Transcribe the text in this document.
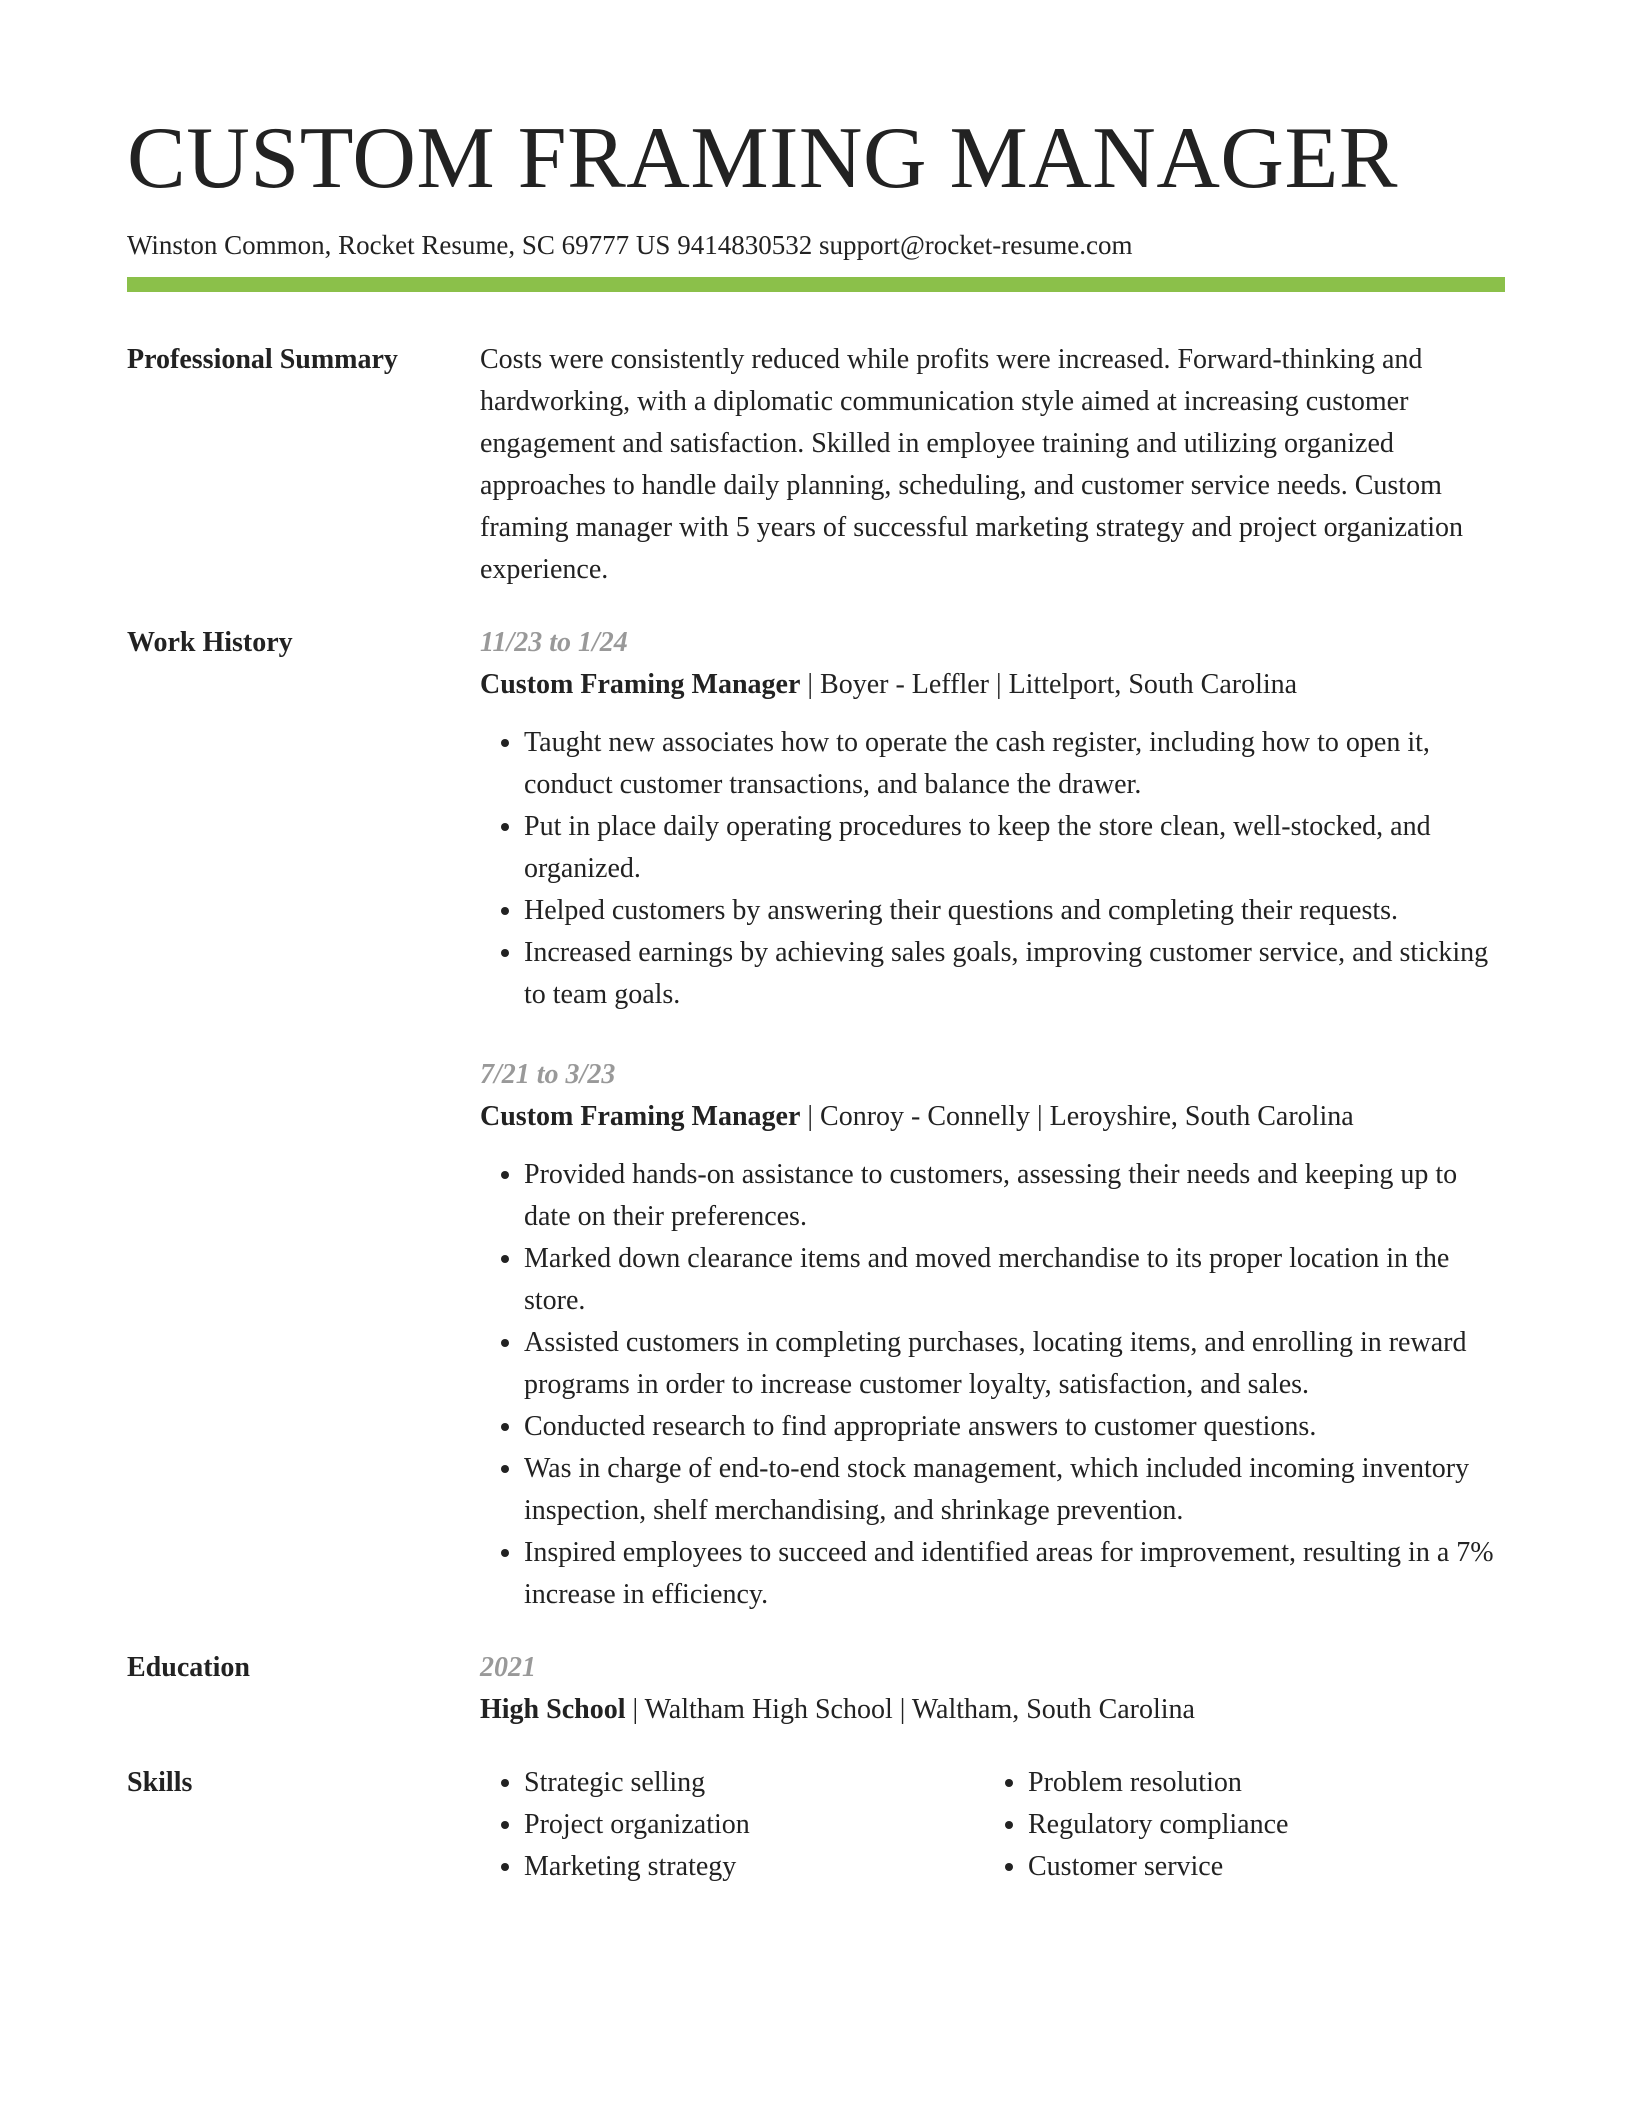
CUSTOM FRAMING MANAGER
Winston Common, Rocket Resume, SC 69777 US 9414830532 support@rocket-resume.com
Professional Summary	Costs were consistently reduced while profits were increased. Forward-thinking and hardworking, with a diplomatic communication style aimed at increasing customer engagement and satisfaction. Skilled in employee training and utilizing organized approaches to handle daily planning, scheduling, and customer service needs. Custom framing manager with 5 years of successful marketing strategy and project organization experience.
Work History	11/23 to 1/24
Custom Framing Manager | Boyer - Leffler | Littelport, South Carolina
• Taught new associates how to operate the cash register, including how to open it, conduct customer transactions, and balance the drawer.
• Put in place daily operating procedures to keep the store clean, well-stocked, and organized.
• Helped customers by answering their questions and completing their requests.
• Increased earnings by achieving sales goals, improving customer service, and sticking to team goals.
7/21 to 3/23
Custom Framing Manager | Conroy - Connelly | Leroyshire, South Carolina
• Provided hands-on assistance to customers, assessing their needs and keeping up to date on their preferences.
• Marked down clearance items and moved merchandise to its proper location in the store.
• Assisted customers in completing purchases, locating items, and enrolling in reward programs in order to increase customer loyalty, satisfaction, and sales.
• Conducted research to find appropriate answers to customer questions.
• Was in charge of end-to-end stock management, which included incoming inventory inspection, shelf merchandising, and shrinkage prevention.
• Inspired employees to succeed and identified areas for improvement, resulting in a 7% increase in efficiency.
Education	2021
High School | Waltham High School | Waltham, South Carolina
Skills
•	Strategic selling
• Project organization
• Marketing strategy
• Problem resolution
• Regulatory compliance
• Customer service
